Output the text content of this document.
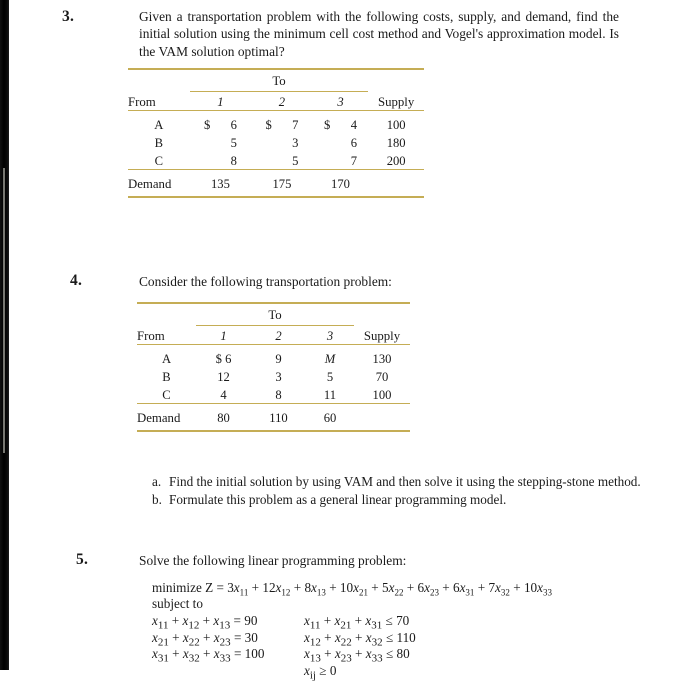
3.	Given a transportation problem with the following costs, supply, and demand, find the initial solution using the minimum cell cost method and Vogel's approximation model. Is the VAM solution optimal?

	To			
From	1	2	3	Supply

A	$ 6	$ 7	$ 4	100
B	5	3	6	180
C	8	5	7	200

Demand	135	175	170	

4.	Consider the following transportation problem:

	To			
From	1	2	3	Supply

A	$ 6	9	M	130
B	12	3	5	70
C	4	8	11	100

Demand	80	110	60	

a. Find the initial solution by using VAM and then solve it using the stepping-stone method.
b. Formulate this problem as a general linear programming model.
5.	Solve the following linear programming problem:
minimize $Z = 3x_{11} + 12x_{12} + 8x_{13} + 10x_{21} + 5x_{22} + 6x_{23} + 6x_{31} + 7x_{32} + 10x_{33}$
subject to
$x_{11} + x_{12} + x_{13} = 90$
$x_{21} + x_{22} + x_{23} = 30$
$x_{31} + x_{32} + x_{33} = 100$
$x_{11} + x_{21} + x_{31} \le 70$
$x_{12} + x_{22} + x_{32} \le 110$
$x_{13} + x_{23} + x_{33} \le 80$
$x_{ij} \ge 0$
